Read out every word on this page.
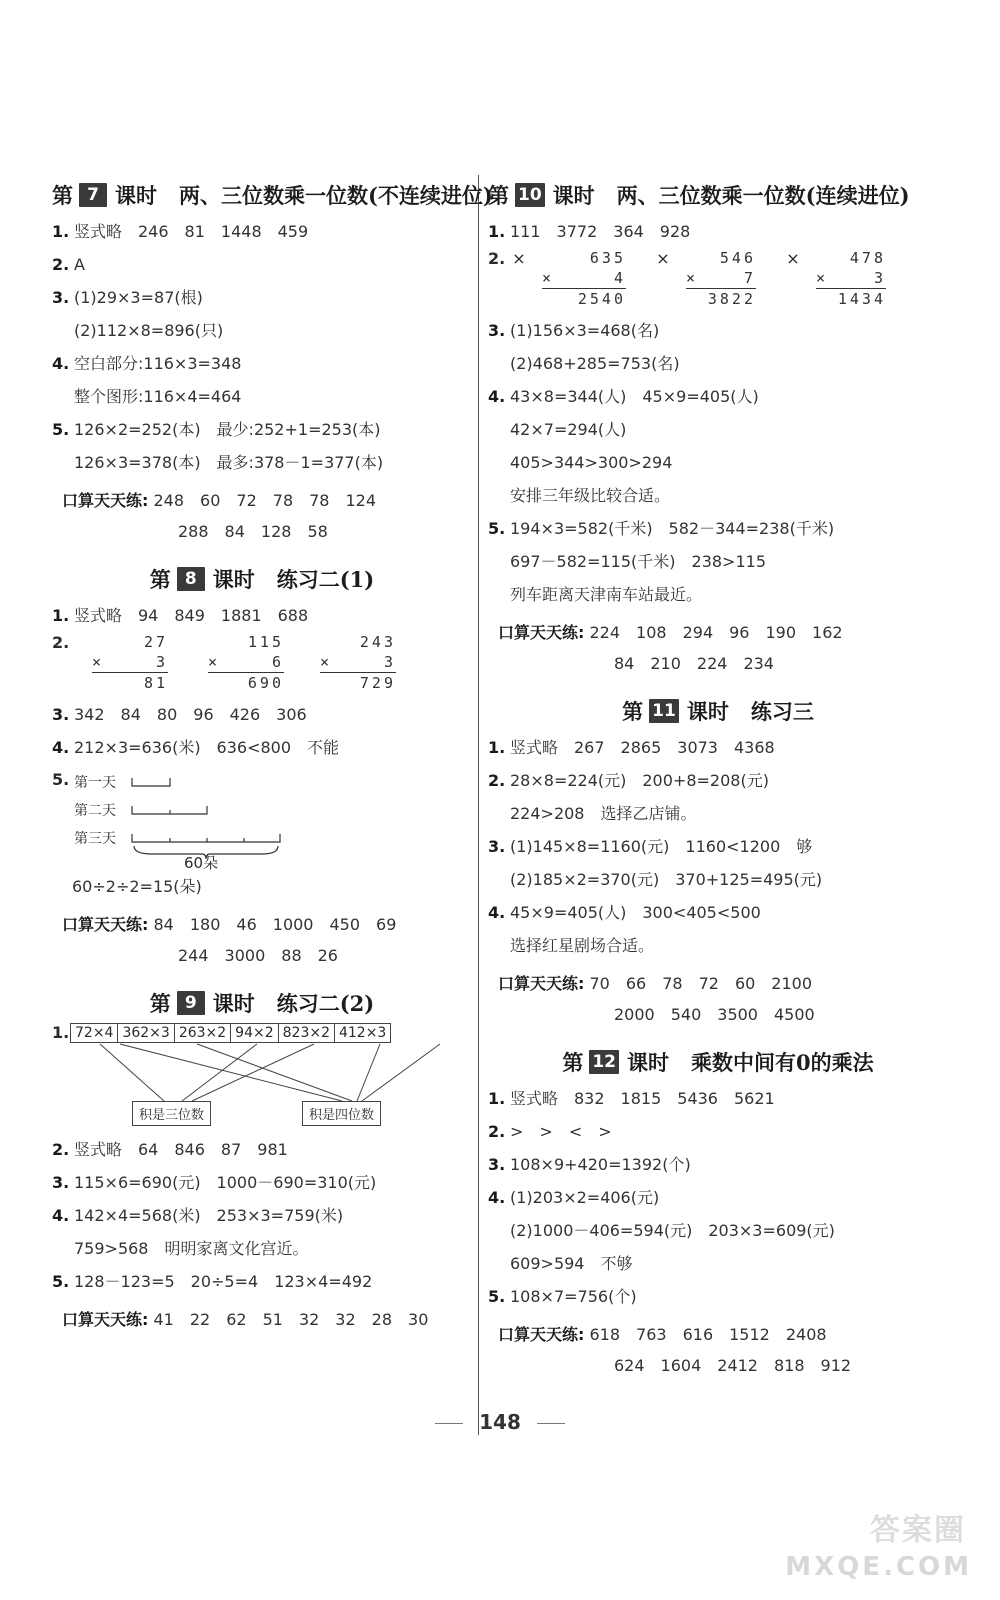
第 7 课时 两、三位数乘一位数(不连续进位)
1. 竖式略　246　81　1448　459
2. A
3. (1)29×3=87(根)
(2)112×8=896(只)
4. 空白部分:116×3=348
整个图形:116×4=464
5. 126×2=252(本)　最少:252+1=253(本)
126×3=378(本)　最多:378－1=377(本)
口算天天练: 248　60　72　78　78　124
288　84　128　58
第 8 课时 练习二(1)
1. 竖式略　94　849　1881　688
2.	27
×	3
81
115
×	6
690
243
×	3
729
3. 342　84　80　96　426　306
4. 212×3=636(米)　636<800　不能
5. 第一天
第二天
第三天
60朵
60÷2÷2=15(朵)
口算天天练: 84　180　46　1000　450　69
244　3000　88　26
第 9 课时 练习二(2)
1. 72×4 362×3 263×2 94×2 823×2 412×3
积是三位数	积是四位数
2. 竖式略　64　846　87　981
3. 115×6=690(元)　1000－690=310(元)
4. 142×4=568(米)　253×3=759(米)
759>568　明明家离文化宫近。
5. 128－123=5　20÷5=4　123×4=492
口算天天练: 41　22　62　51　32　32　28　30
第 10 课时 两、三位数乘一位数(连续进位)
1. 111　3772　364　928
2. ×	635
×	4
2540
×	546
×	7
3822
×	478
×	3
1434
3. (1)156×3=468(名)
(2)468+285=753(名)
4. 43×8=344(人)　45×9=405(人)
42×7=294(人)
405>344>300>294
安排三年级比较合适。
5. 194×3=582(千米)　582－344=238(千米)
697－582=115(千米)　238>115
列车距离天津南车站最近。
口算天天练: 224　108　294　96　190　162
84　210　224　234
第 11 课时 练习三
1. 竖式略　267　2865　3073　4368
2. 28×8=224(元)　200+8=208(元)
224>208　选择乙店铺。
3. (1)145×8=1160(元)　1160<1200　够
(2)185×2=370(元)　370+125=495(元)
4. 45×9=405(人)　300<405<500
选择红星剧场合适。
口算天天练: 70　66　78　72　60　2100
2000　540　3500　4500
第 12 课时 乘数中间有0的乘法
1. 竖式略　832　1815　5436　5621
2. >　>　<　>
3. 108×9+420=1392(个)
4. (1)203×2=406(元)
(2)1000－406=594(元)　203×3=609(元)
609>594　不够
5. 108×7=756(个)
口算天天练: 618　763　616　1512　2408
624　1604　2412　818　912
148
答案圈
MXQE.COM
